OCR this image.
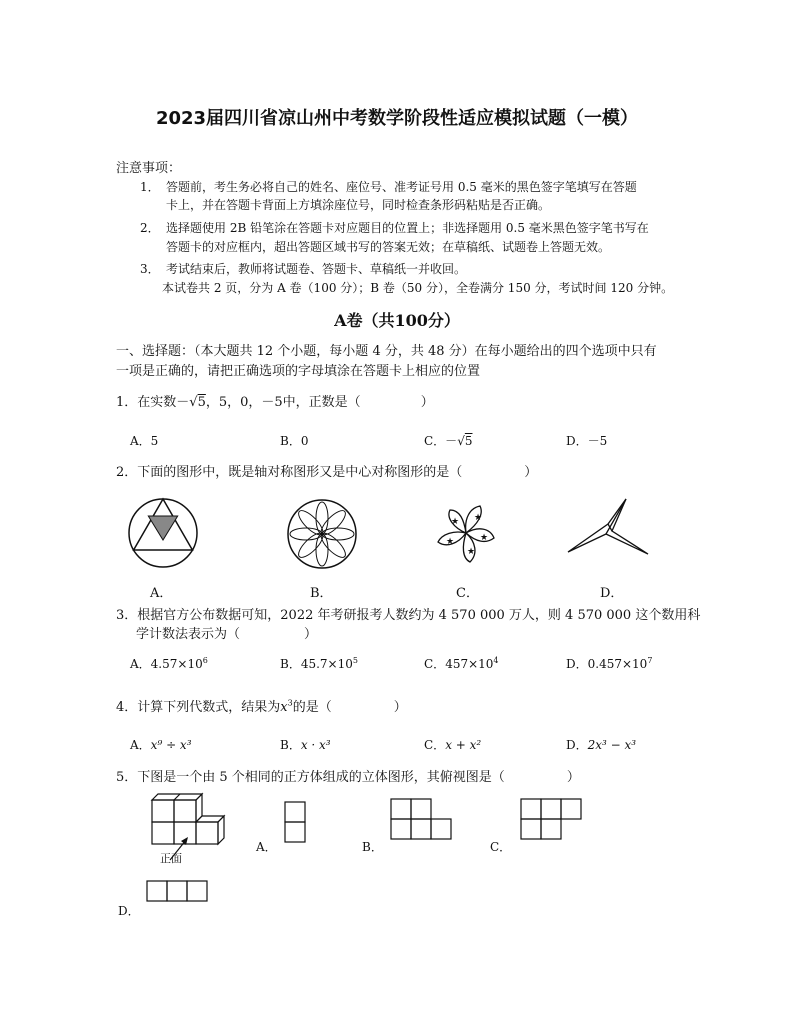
2023届四川省凉山州中考数学阶段性适应模拟试题（一模）
注意事项：
1． 答题前，考生务必将自己的姓名、座位号、准考证号用 0.5 毫米的黑色签字笔填写在答题
卡上，并在答题卡背面上方填涂座位号，同时检查条形码粘贴是否正确。
2． 选择题使用 2B 铅笔涂在答题卡对应题目的位置上；非选择题用 0.5 毫米黑色签字笔书写在
答题卡的对应框内，超出答题区域书写的答案无效；在草稿纸、试题卷上答题无效。
3． 考试结束后，教师将试题卷、答题卡、草稿纸一并收回。
本试卷共 2 页，分为 A 卷（100 分）；B 卷（50 分），全卷满分 150 分，考试时间 120 分钟。
A卷（共100分）
一、选择题：（本大题共 12 个小题，每小题 4 分，共 48 分）在每小题给出的四个选项中只有
一项是正确的，请把正确选项的字母填涂在答题卡上相应的位置
1．在实数－√5，5，0，－5中，正数是（	）
A．5	B．0	C．－√5	D．－5
2．下面的图形中，既是轴对称图形又是中心对称图形的是（	）
★
★
★
★
★
A．	B．	C．	D．
3．根据官方公布数据可知，2022 年考研报考人数约为 4 570 000 万人，则 4 570 000 这个数用科
学计数法表示为（	）
A．$4.57\times 10^6$	B．$45.7\times 10^5$	C．$457\times 10^4$	D．$0.457\times 10^7$
4．计算下列代数式，结果为$x^3$的是（	）
A．x⁹ ÷ x³	B．x · x³	C．x + x²	D．2x³ − x³
5．下图是一个由 5 个相同的正方体组成的立体图形，其俯视图是（	）
正面
A．	B．	C．
D．
